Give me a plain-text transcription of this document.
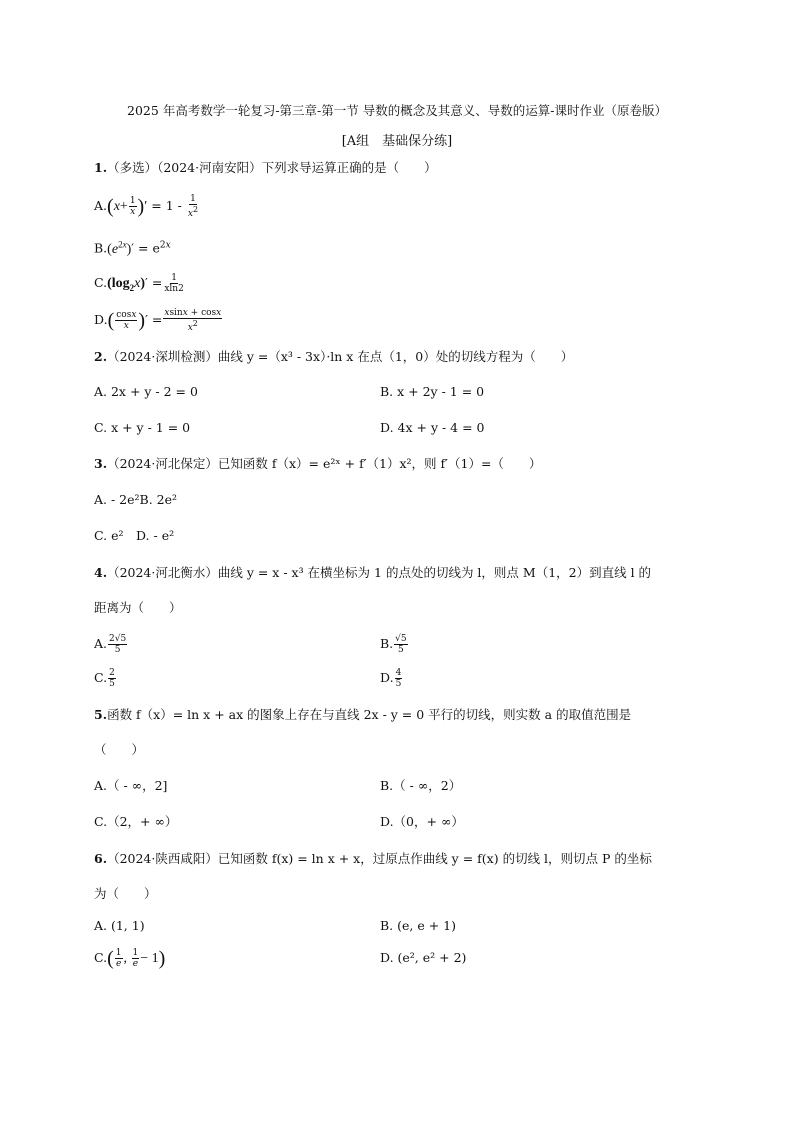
2025 年高考数学一轮复习-第三章-第一节 导数的概念及其意义、导数的运算-课时作业（原卷版）
[A组　基础保分练]
1.（多选）（2024·河南安阳）下列求导运算正确的是（　　）
$A.(x+ \frac{1}{x}$ )′ = $1 - \frac{1}{x^2}$
$B.(e^{2x})' = e^{2x}$
$C.(\log_2x)' = \frac{1}{xln2}$
$D.( \frac{\cos x}{x}$ )′ = $\frac{xsinx + \cos x}{x^2}$
2.（2024·深圳检测）曲线 y =（x³ - 3x）·ln x 在点（1，0）处的切线方程为（　　）
A. 2x + y - 2 = 0	B. x + 2y - 1 = 0
C. x + y - 1 = 0	D. 4x + y - 4 = 0
3.（2024·河北保定）已知函数 f（x）= e²ˣ + f′（1）x²，则 f′（1）=（　　）
A. - 2e²B. 2e²
C. e²　D. - e²
4.（2024·河北衡水）曲线 y = x - x³ 在横坐标为 1 的点处的切线为 l，则点 M（1，2）到直线 l 的
距离为（　　）
A. $\frac{2√5}{5}$	B. $\frac{√5}{5}$
C. $\frac{2}{5}$	D. $\frac{4}{5}$
5.函数 f（x）= ln x + ax 的图象上存在与直线 2x - y = 0 平行的切线，则实数 a 的取值范围是
（　　）
A.（ - ∞，2]	B.（ - ∞，2）
C.（2，+ ∞）	D.（0，+ ∞）
6.（2024·陕西咸阳）已知函数 f(x) = ln x + x，过原点作曲线 y = f(x) 的切线 l，则切点 P 的坐标
为（　　）
A. (1, 1)	B. (e, e + 1)
$C.( \frac{1}{e}$ , $\frac{1}{e} - 1$)	D. (e², e² + 2)
